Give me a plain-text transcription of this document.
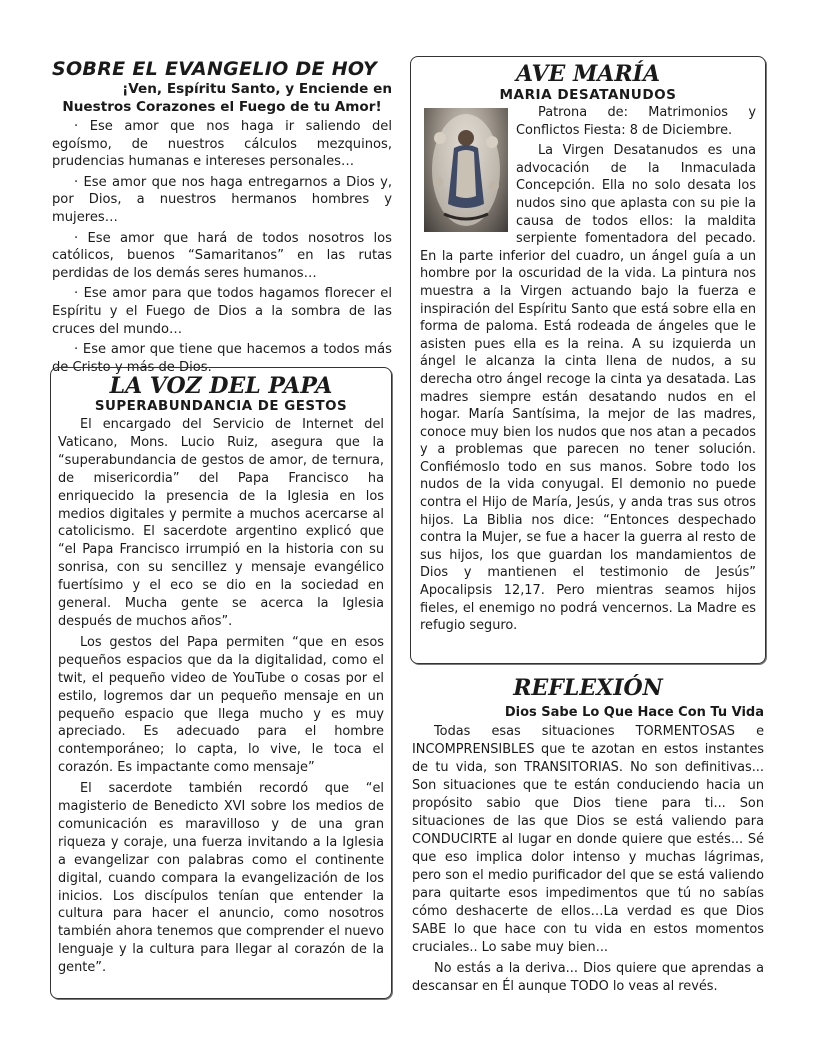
SOBRE EL EVANGELIO DE HOY

¡Ven, Espíritu Santo, y Enciende en

Nuestros Corazones el Fuego de tu Amor!

· Ese amor que nos haga ir saliendo del egoísmo, de nuestros cálculos mezquinos, prudencias humanas e intereses personales…

· Ese amor que nos haga entregarnos a Dios y, por Dios, a nuestros hermanos hombres y mujeres…

· Ese amor que hará de todos nosotros los católicos, buenos “Samaritanos” en las rutas perdidas de los demás seres humanos…

· Ese amor para que todos hagamos florecer el Espíritu y el Fuego de Dios a la sombra de las cruces del mundo…

· Ese amor que tiene que hacemos a todos más de Cristo y más de Dios.

LA VOZ DEL PAPA

SUPERABUNDANCIA DE GESTOS

El encargado del Servicio de Internet del Vaticano, Mons. Lucio Ruiz, asegura que la “superabundancia de gestos de amor, de ternura, de misericordia” del Papa Francisco ha enriquecido la presencia de la Iglesia en los medios digitales y permite a muchos acercarse al catolicismo. El sacerdote argentino explicó que “el Papa Francisco irrumpió en la historia con su sonrisa, con su sencillez y mensaje evangélico fuertísimo y el eco se dio en la sociedad en general. Mucha gente se acerca la Iglesia después de muchos años”.

Los gestos del Papa permiten “que en esos pequeños espacios que da la digitalidad, como el twit, el pequeño video de YouTube o cosas por el estilo, logremos dar un pequeño mensaje en un pequeño espacio que llega mucho y es muy apreciado. Es adecuado para el hombre contemporáneo; lo capta, lo vive, le toca el corazón. Es impactante como mensaje”

El sacerdote también recordó que “el magisterio de Benedicto XVI sobre los medios de comunicación es maravilloso y de una gran riqueza y coraje, una fuerza invitando a la Iglesia a evangelizar con palabras como el continente digital, cuando compara la evangelización de los inicios. Los discípulos tenían que entender la cultura para hacer el anuncio, como nosotros también ahora tenemos que comprender el nuevo lenguaje y la cultura para llegar al corazón de la gente”.

AVE MARÍA

MARIA DESATANUDOS

Patrona de: Matrimonios y Conflictos Fiesta: 8 de Diciembre.

La Virgen Desatanudos es una advocación de la Inmaculada Concepción. Ella no solo desata los nudos sino que aplasta con su pie la causa de todos ellos: la maldita serpiente fomentadora del pecado. En la parte inferior del cuadro, un ángel guía a un hombre por la oscuridad de la vida. La pintura nos muestra a la Virgen actuando bajo la fuerza e inspiración del Espíritu Santo que está sobre ella en forma de paloma. Está rodeada de ángeles que le asisten pues ella es la reina. A su izquierda un ángel le alcanza la cinta llena de nudos, a su derecha otro ángel recoge la cinta ya desatada. Las madres siempre están desatando nudos en el hogar. María Santísima, la mejor de las madres, conoce muy bien los nudos que nos atan a pecados y a problemas que parecen no tener solución. Confiémoslo todo en sus manos. Sobre todo los nudos de la vida conyugal. El demonio no puede contra el Hijo de María, Jesús, y anda tras sus otros hijos. La Biblia nos dice: “Entonces despechado contra la Mujer, se fue a hacer la guerra al resto de sus hijos, los que guardan los mandamientos de Dios y mantienen el testimonio de Jesús” Apocalipsis 12,17. Pero mientras seamos hijos fieles, el enemigo no podrá vencernos. La Madre es refugio seguro.

REFLEXIÓN

Dios Sabe Lo Que Hace Con Tu Vida

Todas esas situaciones TORMENTOSAS e INCOMPRENSIBLES que te azotan en estos instantes de tu vida, son TRANSITORIAS. No son definitivas... Son situaciones que te están conduciendo hacia un propósito sabio que Dios tiene para ti... Son situaciones de las que Dios se está valiendo para CONDUCIRTE al lugar en donde quiere que estés... Sé que eso implica dolor intenso y muchas lágrimas, pero son el medio purificador del que se está valiendo para quitarte esos impedimentos que tú no sabías cómo deshacerte de ellos…La verdad es que Dios SABE lo que hace con tu vida en estos momentos cruciales.. Lo sabe muy bien...

No estás a la deriva... Dios quiere que aprendas a descansar en Él aunque TODO lo veas al revés.
